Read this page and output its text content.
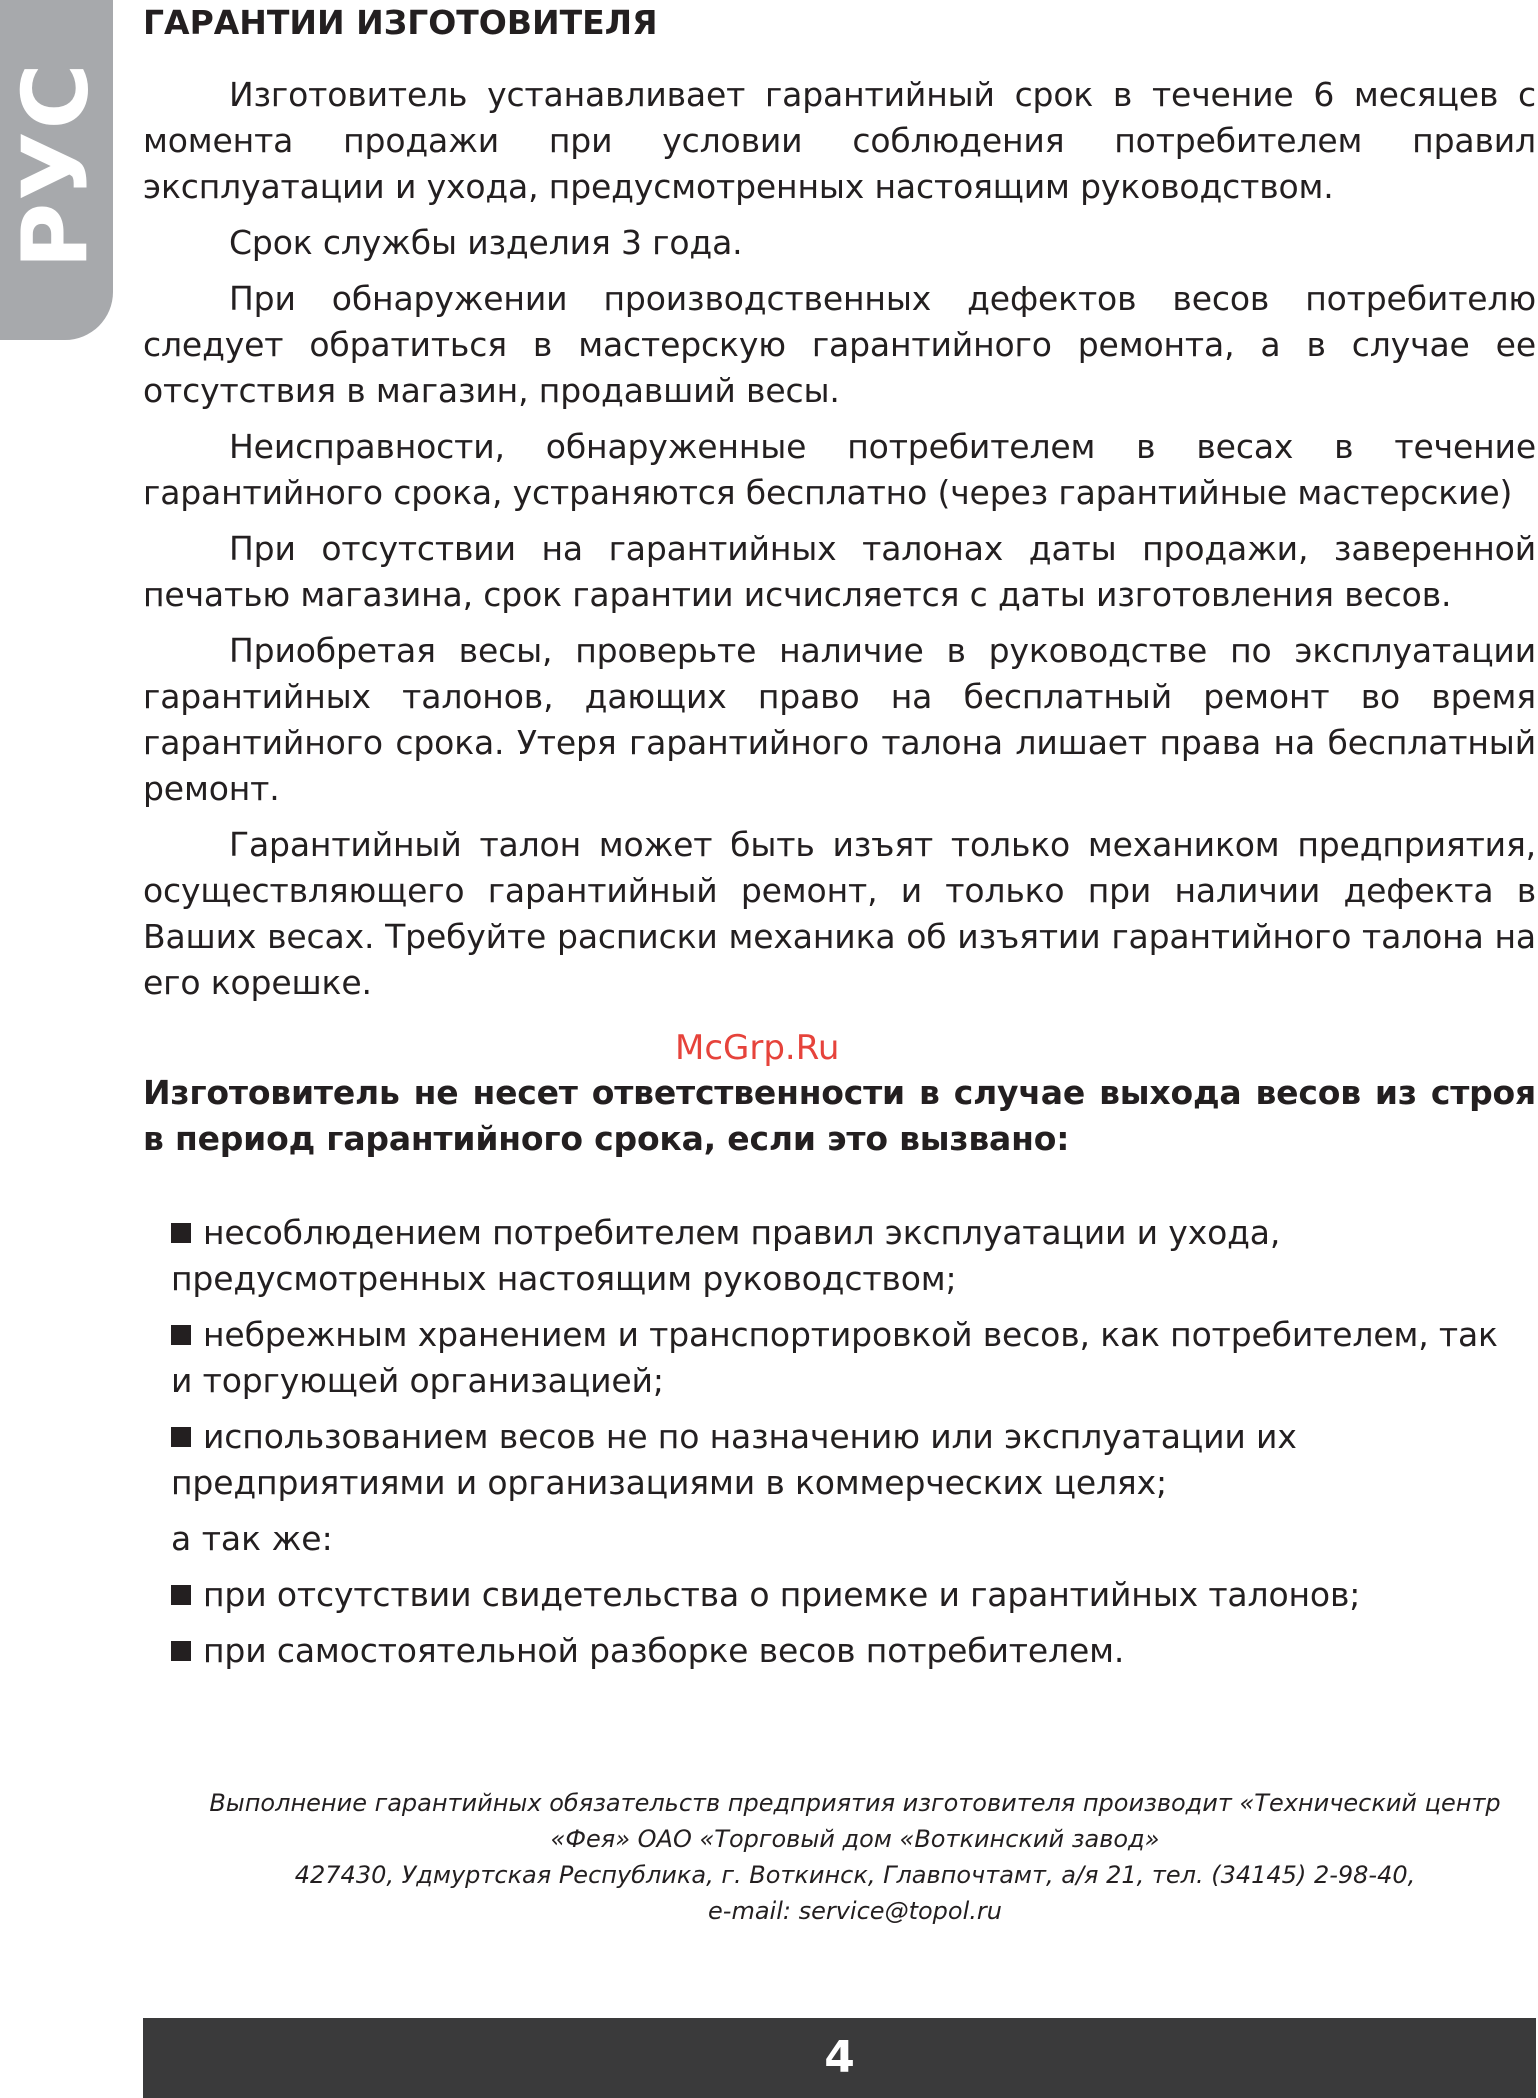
РУС
ГАРАНТИИ ИЗГОТОВИТЕЛЯ

Изготовитель устанавливает гарантийный срок в течение 6 месяцев с момента продажи при условии соблюдения потребителем правил эксплуатации и ухода, предусмотренных настоящим руководством.

Срок службы изделия 3 года.

При обнаружении производственных дефектов весов потребителю следует обратиться в мастерскую гарантийного ремонта, а в случае ее отсутствия в магазин, продавший весы.

Неисправности, обнаруженные потребителем в весах в течение гарантийного срока, устраняются бесплатно (через гарантийные мастерские)

При отсутствии на гарантийных талонах даты продажи, заверенной печатью магазина, срок гарантии исчисляется с даты изготовления весов.

Приобретая весы, проверьте наличие в руководстве по эксплуатации гарантийных талонов, дающих право на бесплатный ремонт во время гарантийного срока. Утеря гарантийного талона лишает права на бесплатный ремонт.

Гарантийный талон может быть изъят только механиком предприятия, осуществляющего гарантийный ремонт, и только при наличии дефекта в Ваших весах. Требуйте расписки механика об изъятии гарантийного талона на его корешке.

Изготовитель не несет ответственности в случае выхода весов из строя в период гарантийного срока, если это вызвано:

несоблюдением потребителем правил эксплуатации и ухода, предусмотренных настоящим руководством;
небрежным хранением и транспортировкой весов, как потребителем, так и торгующей организацией;
использованием весов не по назначению или эксплуатации их предприятиями и организациями в коммерческих целях;

а так же:

при отсутствии свидетельства о приемке и гарантийных талонов;
при самостоятельной разборке весов потребителем.
McGrp.Ru

Выполнение гарантийных обязательств предприятия изготовителя производит «Технический центр «Фея» ОАО «Торговый дом «Воткинский завод»

427430, Удмуртская Республика, г. Воткинск, Главпочтамт, а/я 21, тел. (34145) 2-98-40,

e-mail: service@topol.ru

4
